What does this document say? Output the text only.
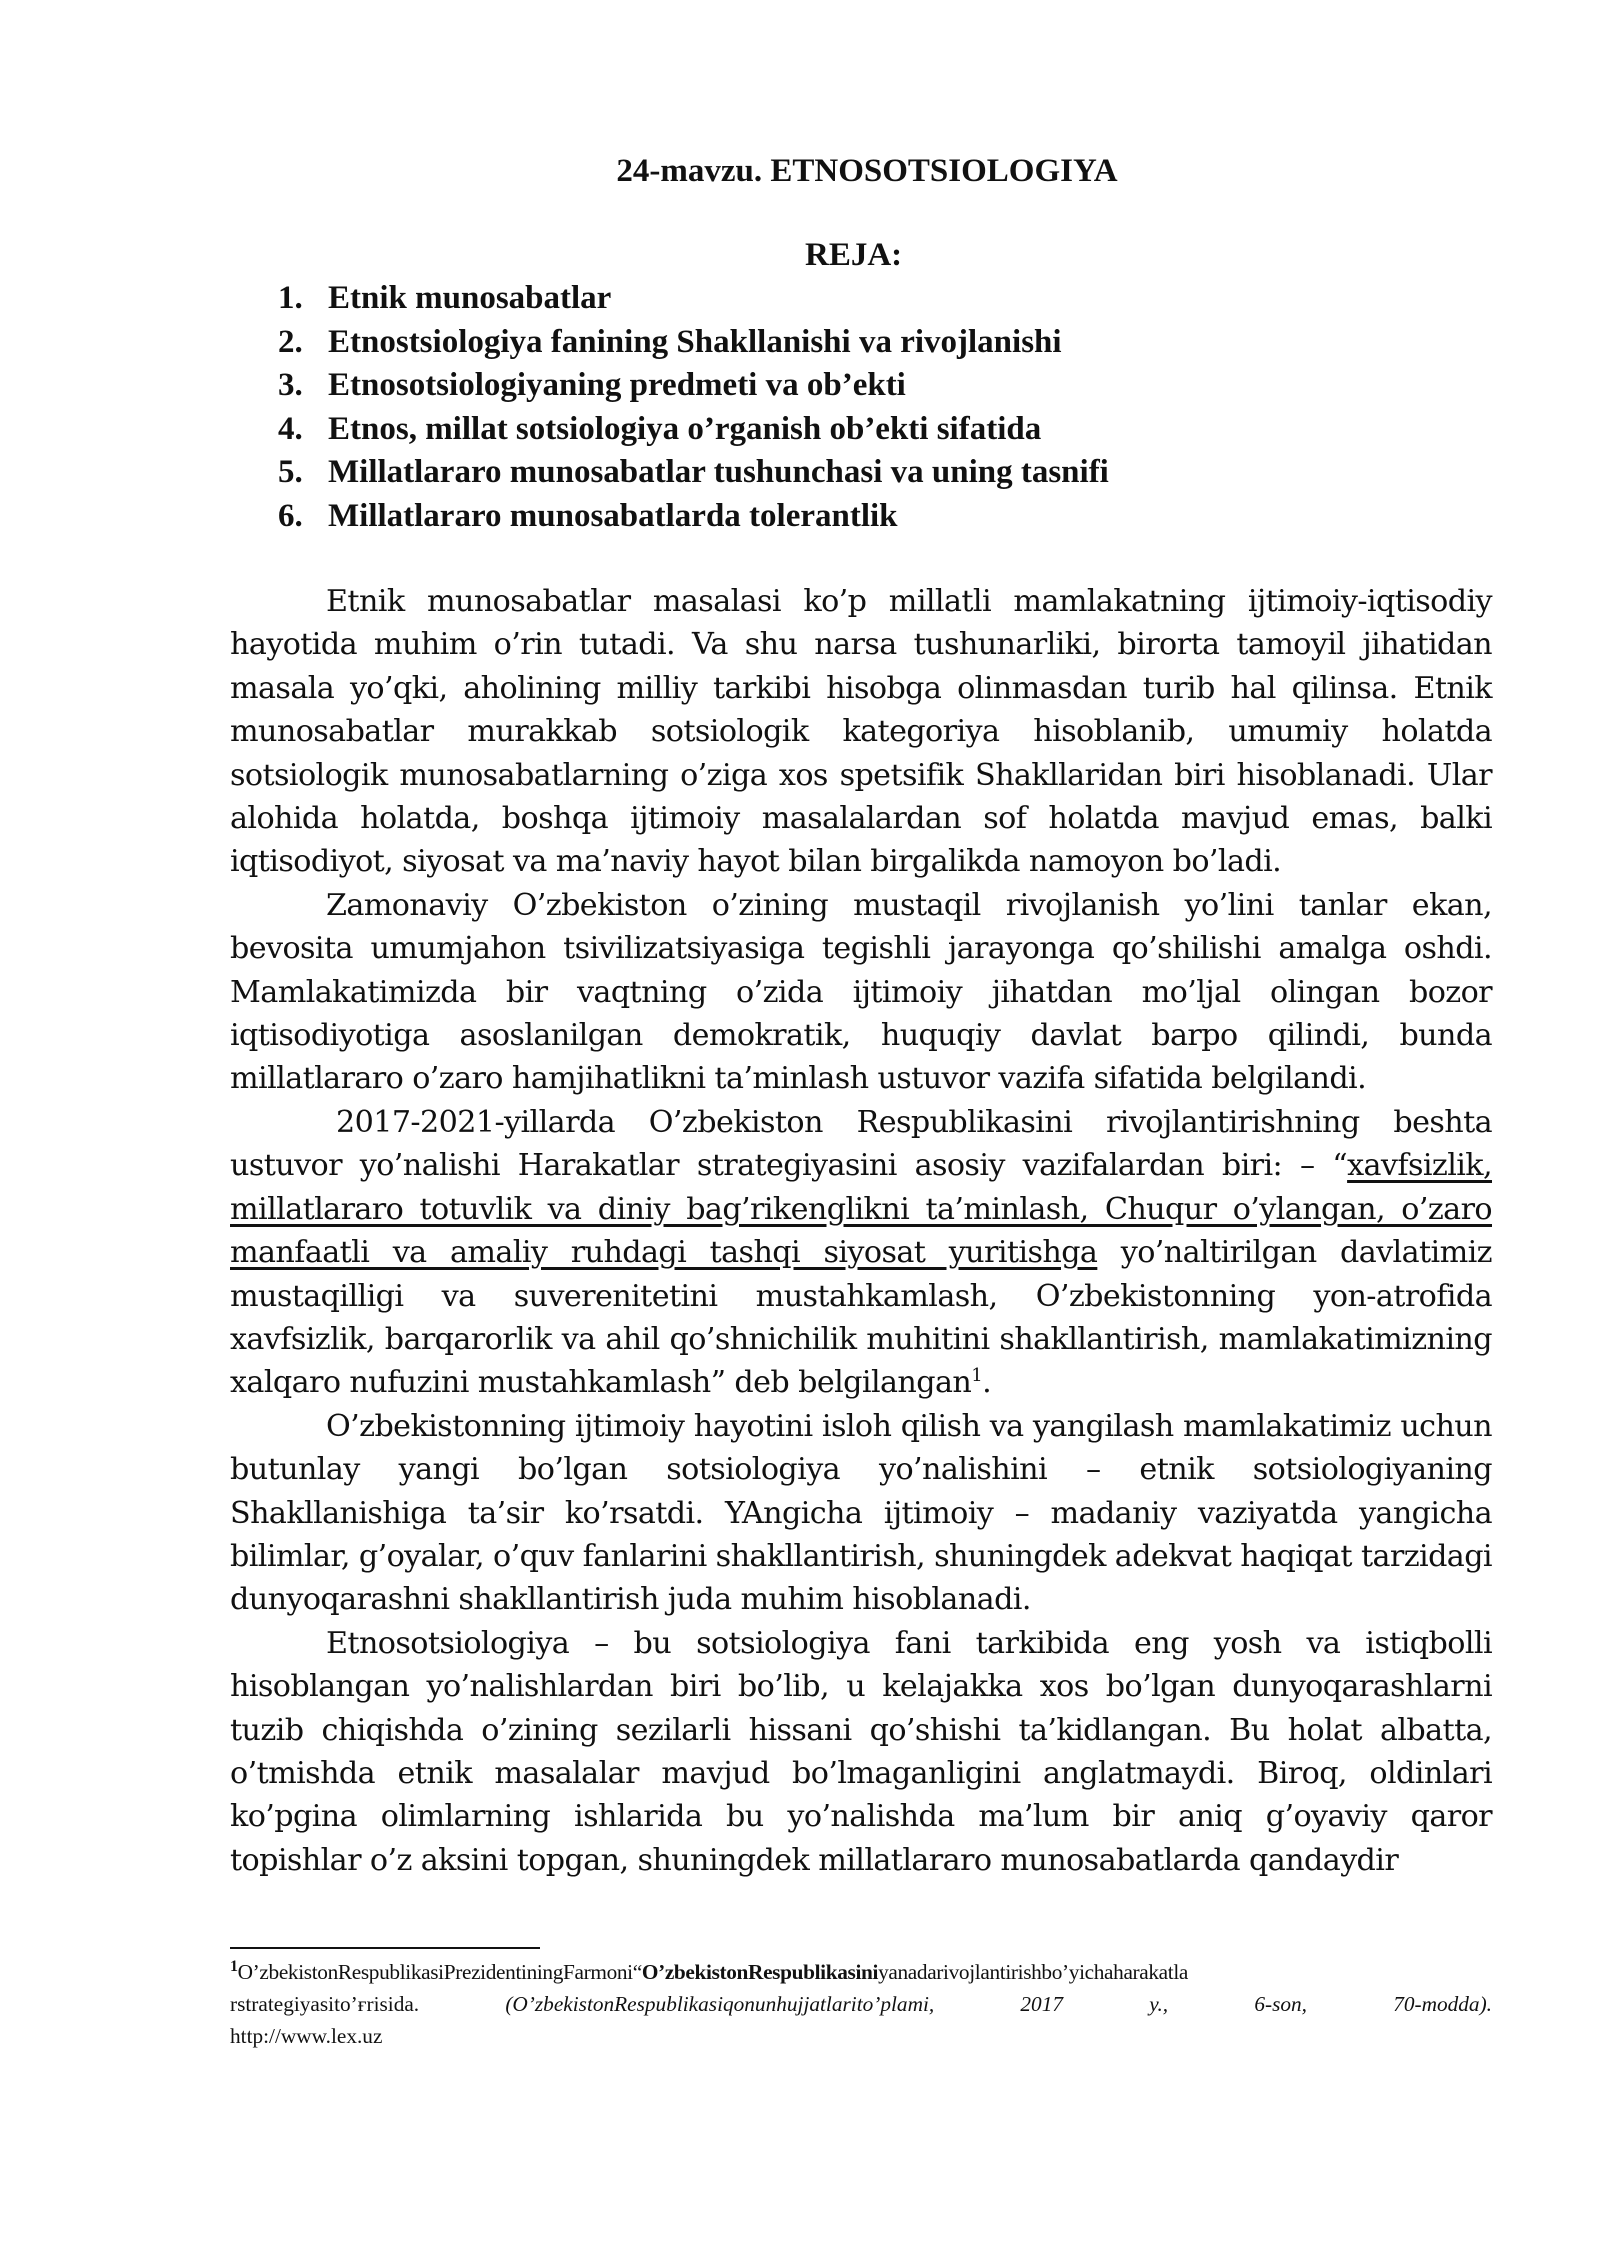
24-mavzu. ETNOSOTSIOLOGIYA
REJA:
1. Etnik munosabatlar
2. Etnostsiologiya fanining Shakllanishi va rivojlanishi
3. Etnosotsiologiyaning predmeti va ob’ekti
4. Etnos, millat sotsiologiya o’rganish ob’ekti sifatida
5. Millatlararo munosabatlar tushunchasi va uning tasnifi
6. Millatlararo munosabatlarda tolerantlik

Etnik munosabatlar masalasi ko’p millatli mamlakatning ijtimoiy-iqtisodiy hayotida muhim o’rin tutadi. Va shu narsa tushunarliki, birorta tamoyil jihatidan masala yo’qki, aholining milliy tarkibi hisobga olinmasdan turib hal qilinsa. Etnik munosabatlar murakkab sotsiologik kategoriya hisoblanib, umumiy holatda sotsiologik munosabatlarning o’ziga xos spetsifik Shakllaridan biri hisoblanadi. Ular alohida holatda, boshqa ijtimoiy masalalardan sof holatda mavjud emas, balki iqtisodiyot, siyosat va ma’naviy hayot bilan birgalikda namoyon bo’ladi.

Zamonaviy O’zbekiston o’zining mustaqil rivojlanish yo’lini tanlar ekan, bevosita umumjahon tsivilizatsiyasiga tegishli jarayonga qo’shilishi amalga oshdi. Mamlakatimizda bir vaqtning o’zida ijtimoiy jihatdan mo’ljal olingan bozor iqtisodiyotiga asoslanilgan demokratik, huquqiy davlat barpo qilindi, bunda millatlararo o’zaro hamjihatlikni ta’minlash ustuvor vazifa sifatida belgilandi.

2017-2021-yillarda O’zbekiston Respublikasini rivojlantirishning beshta ustuvor yo’nalishi Harakatlar strategiyasini asosiy vazifalardan biri: – “xavfsizlik, millatlararo totuvlik va diniy bag’rikenglikni ta’minlash, Chuqur o’ylangan, o’zaro manfaatli va amaliy ruhdagi tashqi siyosat yuritishga yo’naltirilgan davlatimiz mustaqilligi va suverenitetini mustahkamlash, O’zbekistonning yon-atrofida xavfsizlik, barqarorlik va ahil qo’shnichilik muhitini shakllantirish, mamlakatimizning xalqaro nufuzini mustahkamlash” deb belgilangan$^1$.

O’zbekistonning ijtimoiy hayotini isloh qilish va yangilash mamlakatimiz uchun butunlay yangi bo’lgan sotsiologiya yo’nalishini – etnik sotsiologiyaning Shakllanishiga ta’sir ko’rsatdi. YAngicha ijtimoiy – madaniy vaziyatda yangicha bilimlar, g’oyalar, o’quv fanlarini shakllantirish, shuningdek adekvat haqiqat tarzidagi dunyoqarashni shakllantirish juda muhim hisoblanadi.

Etnosotsiologiya – bu sotsiologiya fani tarkibida eng yosh va istiqbolli hisoblangan yo’nalishlardan biri bo’lib, u kelajakka xos bo’lgan dunyoqarashlarni tuzib chiqishda o’zining sezilarli hissani qo’shishi ta’kidlangan. Bu holat albatta, o’tmishda etnik masalalar mavjud bo’lmaganligini anglatmaydi. Biroq, oldinlari ko’pgina olimlarning ishlarida bu yo’nalishda ma’lum bir aniq g’oyaviy qaror topishlar o’z aksini topgan, shuningdek millatlararo munosabatlarda qandaydir

$^1$O’zbekistonRespublikasiPrezidentiningFarmoni“O’zbekistonRespublikasiniyanadarivojlantirishbo’yichaharakatla
rstrategiyasito’ғrisida.	(O’zbekistonRespublikasiqonunhujjatlarito’plami,	2017	y.,	6-son,	70-modda).
http://www.lex.uz
